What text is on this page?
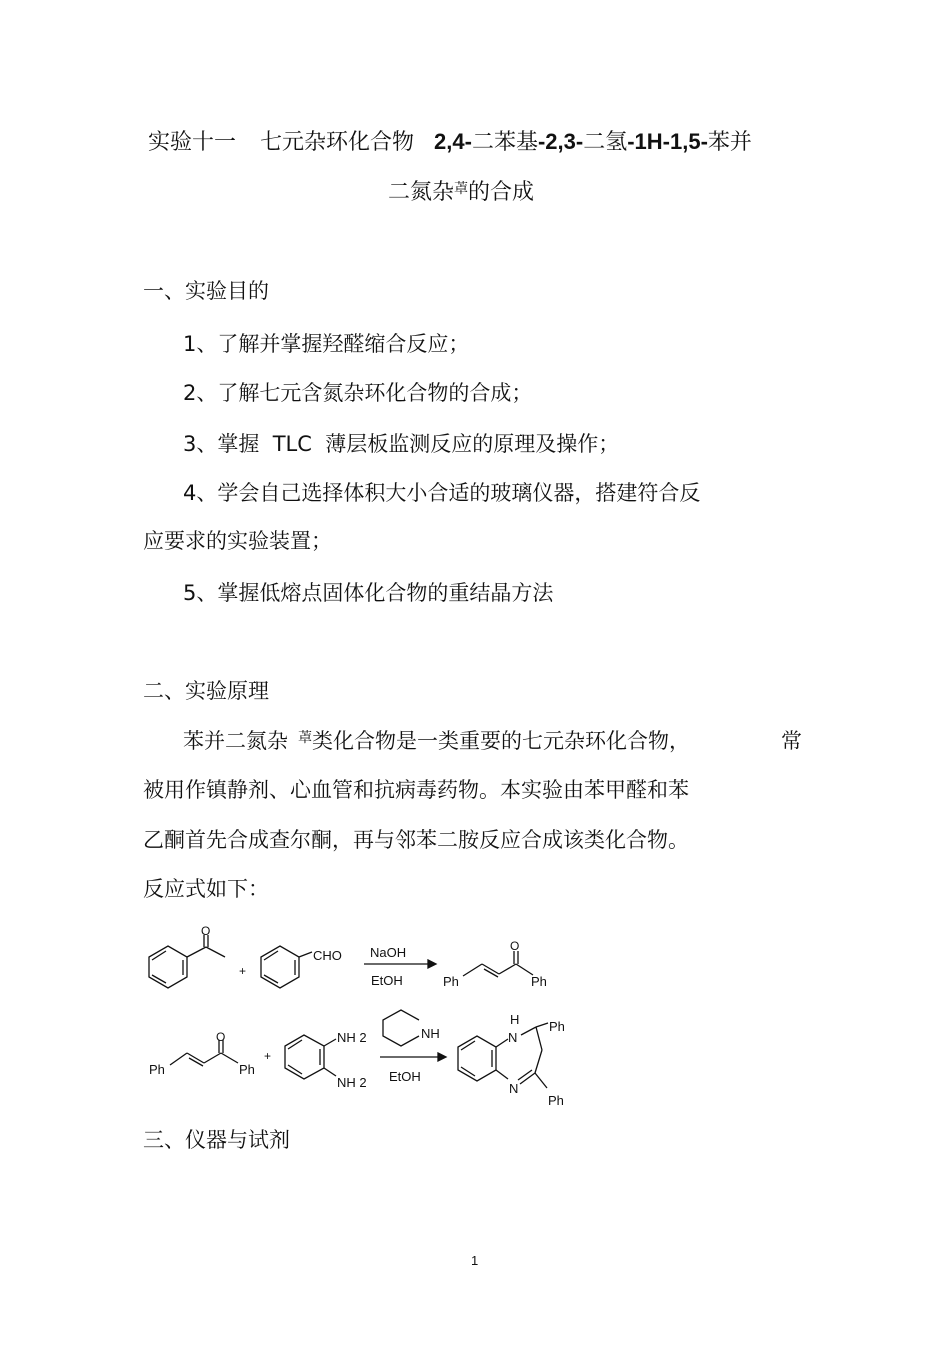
实验十一 七元杂环化合物 2,4-二苯基-2,3-二氢-1H-1,5-苯并
二氮杂$^䓬$的合成
一、实验目的
1、了解并掌握羟醛缩合反应；
2、了解七元含氮杂环化合物的合成；
3、掌握  TLC  薄层板监测反应的原理及操作；
4、学会自己选择体积大小合适的玻璃仪器，搭建符合反
应要求的实验装置；
5、掌握低熔点固体化合物的重结晶方法
二、实验原理
苯并二氮杂 $^䓬$类化合物是一类重要的七元杂环化合物，	常
被用作镇静剂、心血管和抗病毒药物。本实验由苯甲醛和苯
乙酮首先合成查尔酮，再与邻苯二胺反应合成该类化合物。
反应式如下：
O
+
CHO NaOH
EtOH	Ph
O
Ph
Ph
O
Ph
+
NH 2
NH 2
NH
EtOH
H
N
N
Ph
Ph
三、仪器与试剂
1
